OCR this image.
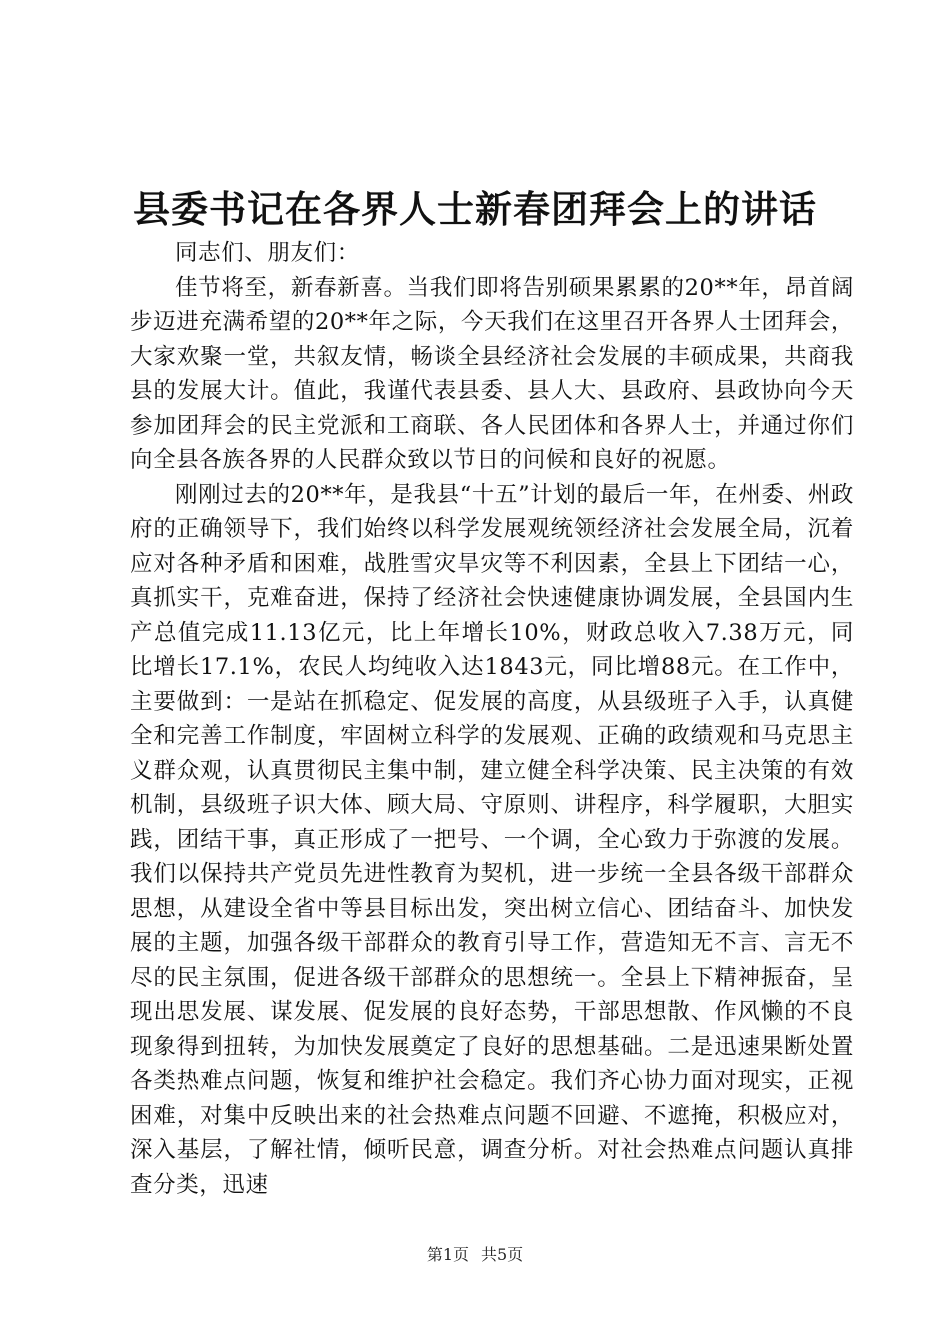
县委书记在各界人士新春团拜会上的讲话

同志们、朋友们：

佳节将至，新春新喜。当我们即将告别硕果累累的20**年，昂首阔步迈进充满希望的20**年之际，今天我们在这里召开各界人士团拜会，大家欢聚一堂，共叙友情，畅谈全县经济社会发展的丰硕成果，共商我县的发展大计。值此，我谨代表县委、县人大、县政府、县政协向今天参加团拜会的民主党派和工商联、各人民团体和各界人士，并通过你们向全县各族各界的人民群众致以节日的问候和良好的祝愿。

刚刚过去的20**年，是我县“十五”计划的最后一年，在州委、州政府的正确领导下，我们始终以科学发展观统领经济社会发展全局，沉着应对各种矛盾和困难，战胜雪灾旱灾等不利因素，全县上下团结一心，真抓实干，克难奋进，保持了经济社会快速健康协调发展，全县国内生产总值完成11.13亿元，比上年增长10%，财政总收入7.38万元，同比增长17.1%，农民人均纯收入达1843元，同比增88元。在工作中，主要做到：一是站在抓稳定、促发展的高度，从县级班子入手，认真健全和完善工作制度，牢固树立科学的发展观、正确的政绩观和马克思主义群众观，认真贯彻民主集中制，建立健全科学决策、民主决策的有效机制，县级班子识大体、顾大局、守原则、讲程序，科学履职，大胆实践，团结干事，真正形成了一把号、一个调，全心致力于弥渡的发展。我们以保持共产党员先进性教育为契机，进一步统一全县各级干部群众思想，从建设全省中等县目标出发，突出树立信心、团结奋斗、加快发展的主题，加强各级干部群众的教育引导工作，营造知无不言、言无不尽的民主氛围，促进各级干部群众的思想统一。全县上下精神振奋，呈现出思发展、谋发展、促发展的良好态势，干部思想散、作风懒的不良现象得到扭转，为加快发展奠定了良好的思想基础。二是迅速果断处置各类热难点问题，恢复和维护社会稳定。我们齐心协力面对现实，正视困难，对集中反映出来的社会热难点问题不回避、不遮掩，积极应对，深入基层，了解社情，倾听民意，调查分析。对社会热难点问题认真排查分类，迅速

第1页 共5页
